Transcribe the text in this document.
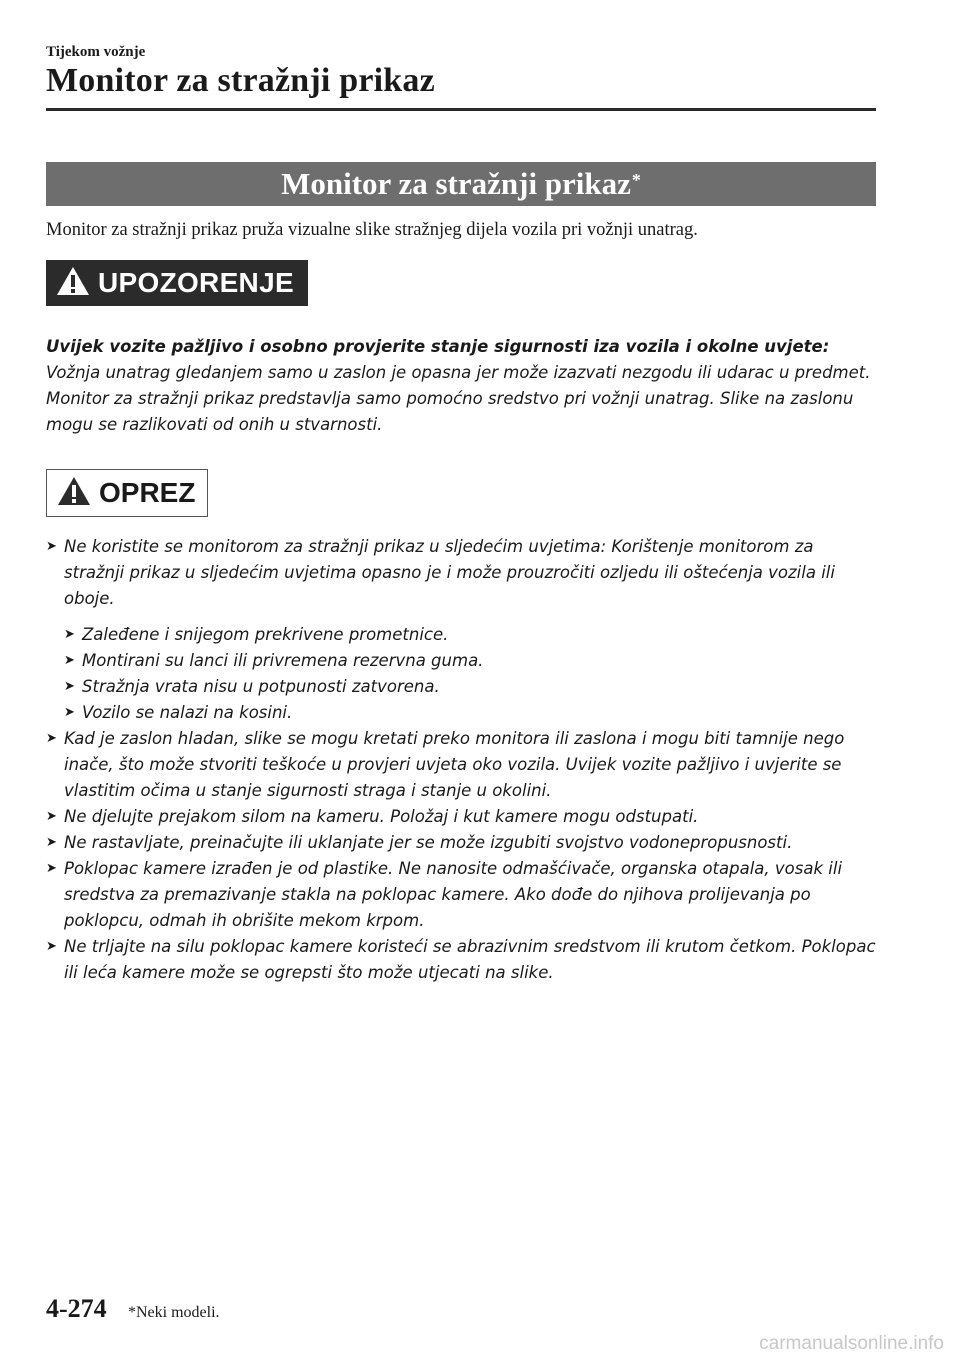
Tijekom vožnje
Monitor za stražnji prikaz
Monitor za stražnji prikaz*
Monitor za stražnji prikaz pruža vizualne slike stražnjeg dijela vozila pri vožnji unatrag.
UPOZORENJE
Uvijek vozite pažljivo i osobno provjerite stanje sigurnosti iza vozila i okolne uvjete:
Vožnja unatrag gledanjem samo u zaslon je opasna jer može izazvati nezgodu ili udarac u predmet. Monitor za stražnji prikaz predstavlja samo pomoćno sredstvo pri vožnji unatrag. Slike na zaslonu mogu se razlikovati od onih u stvarnosti.
OPREZ
➤ Ne koristite se monitorom za stražnji prikaz u sljedećim uvjetima: Korištenje monitorom za stražnji prikaz u sljedećim uvjetima opasno je i može prouzročiti ozljedu ili oštećenja vozila ili oboje.
➤ Zaleđene i snijegom prekrivene prometnice.
➤ Montirani su lanci ili privremena rezervna guma.
➤ Stražnja vrata nisu u potpunosti zatvorena.
➤ Vozilo se nalazi na kosini.
➤ Kad je zaslon hladan, slike se mogu kretati preko monitora ili zaslona i mogu biti tamnije nego inače, što može stvoriti teškoće u provjeri uvjeta oko vozila. Uvijek vozite pažljivo i uvjerite se vlastitim očima u stanje sigurnosti straga i stanje u okolini.
➤ Ne djelujte prejakom silom na kameru. Položaj i kut kamere mogu odstupati.
➤ Ne rastavljate, preinačujte ili uklanjate jer se može izgubiti svojstvo vodonepropusnosti.
➤ Poklopac kamere izrađen je od plastike. Ne nanosite odmašćivače, organska otapala, vosak ili sredstva za premazivanje stakla na poklopac kamere. Ako dođe do njihova prolijevanja po poklopcu, odmah ih obrišite mekom krpom.
➤ Ne trljajte na silu poklopac kamere koristeći se abrazivnim sredstvom ili krutom četkom. Poklopac ili leća kamere može se ogrepsti što može utjecati na slike.
4-274 *Neki modeli.
carmanualsonline.info
